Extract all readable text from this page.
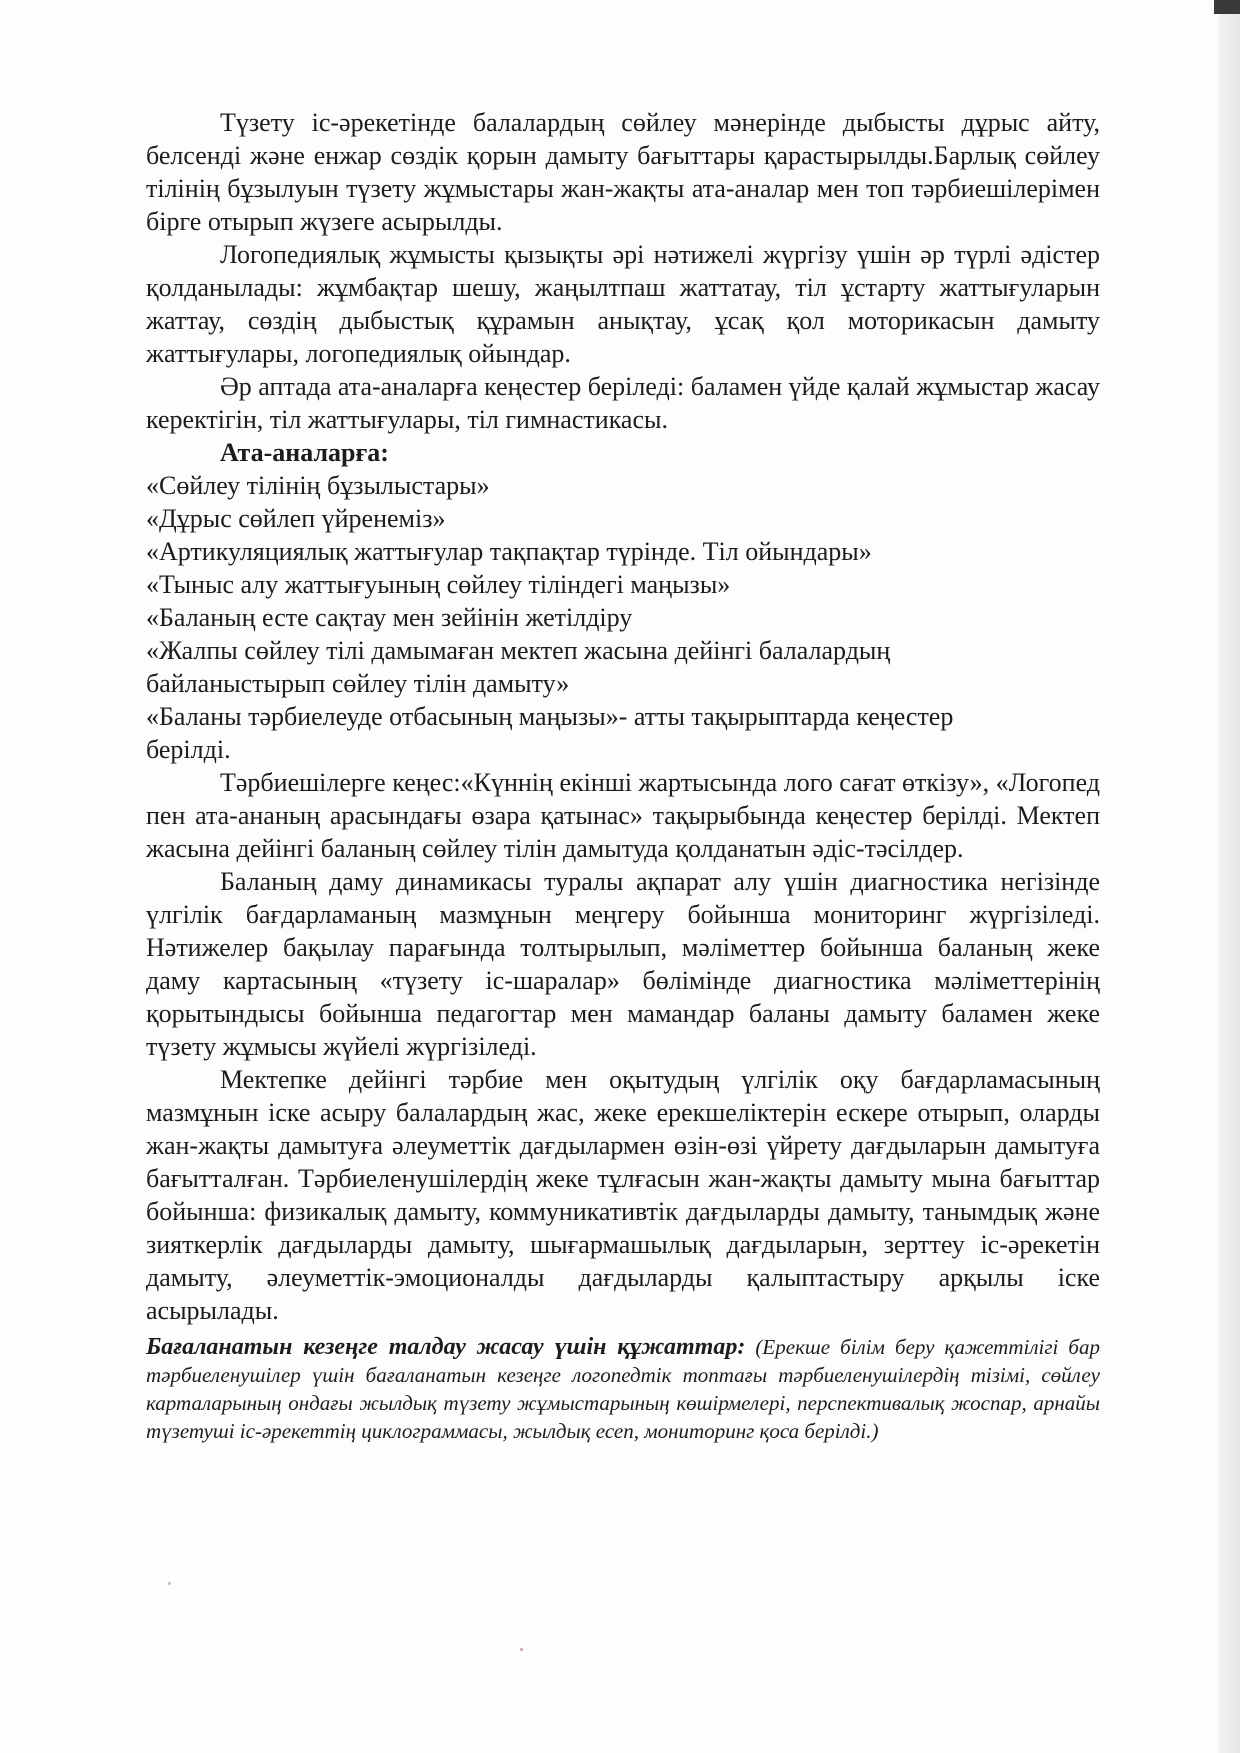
Түзету іс-әрекетінде балалардың сөйлеу мәнерінде дыбысты дұрыс айту, белсенді және енжар сөздік қорын дамыту бағыттары қарастырылды.Барлық сөйлеу тілінің бұзылуын түзету жұмыстары жан-жақты ата-аналар мен топ тәрбиешілерімен бірге отырып жүзеге асырылды.

Логопедиялық жұмысты қызықты әрі нәтижелі жүргізу үшін әр түрлі әдістер қолданылады: жұмбақтар шешу, жаңылтпаш жаттатау, тіл ұстарту жаттығуларын жаттау, сөздің дыбыстық құрамын анықтау, ұсақ қол моторикасын дамыту жаттығулары, логопедиялық ойындар.

Әр аптада ата-аналарға кеңестер беріледі: баламен үйде қалай жұмыстар жасау керектігін, тіл жаттығулары, тіл гимнастикасы.

Ата-аналарға:

«Сөйлеу тілінің бұзылыстары»

«Дұрыс сөйлеп үйренеміз»

«Артикуляциялық жаттығулар тақпақтар түрінде. Тіл ойындары»

«Тыныс алу жаттығуының сөйлеу тіліндегі маңызы»

«Баланың есте сақтау мен зейінін жетілдіру

«Жалпы сөйлеу тілі дамымаған мектеп жасына дейінгі балалардың байланыстырып сөйлеу тілін дамыту»

«Баланы тәрбиелеуде отбасының маңызы»- атты тақырыптарда кеңестер берілді.

Тәрбиешілерге кеңес:«Күннің екінші жартысында лого сағат өткізу», «Логопед пен ата-ананың арасындағы өзара қатынас» тақырыбында кеңестер берілді. Мектеп жасына дейінгі баланың сөйлеу тілін дамытуда қолданатын әдіс-тәсілдер.

Баланың даму динамикасы туралы ақпарат алу үшін диагностика негізінде үлгілік бағдарламаның мазмұнын меңгеру бойынша мониторинг жүргізіледі. Нәтижелер бақылау парағында толтырылып, мәліметтер бойынша баланың жеке даму картасының «түзету іс-шаралар» бөлімінде диагностика мәліметтерінің қорытындысы бойынша педагогтар мен мамандар баланы дамыту баламен жеке түзету жұмысы жүйелі жүргізіледі.

Мектепке дейінгі тәрбие мен оқытудың үлгілік оқу бағдарламасының мазмұнын іске асыру балалардың жас, жеке ерекшеліктерін ескере отырып, оларды жан-жақты дамытуға әлеуметтік дағдылармен өзін-өзі үйрету дағдыларын дамытуға бағытталған. Тәрбиеленушілердің жеке тұлғасын жан-жақты дамыту мына бағыттар бойынша: физикалық дамыту, коммуникативтік дағдыларды дамыту, танымдық және зияткерлік дағдыларды дамыту, шығармашылық дағдыларын, зерттеу іс-әрекетін дамыту, әлеуметтік-эмоционалды дағдыларды қалыптастыру арқылы іске асырылады.

Бағаланатын кезеңге талдау жасау үшін құжаттар: (Ерекше білім беру қажеттілігі бар тәрбиеленушілер үшін бағаланатын кезеңге логопедтік топтағы тәрбиеленушілердің тізімі, сөйлеу карталарының ондағы жылдық түзету жұмыстарының көшірмелері, перспективалық жоспар, арнайы түзетуші іс-әрекеттің циклограммасы, жылдық есеп, мониторинг қоса берілді.)
